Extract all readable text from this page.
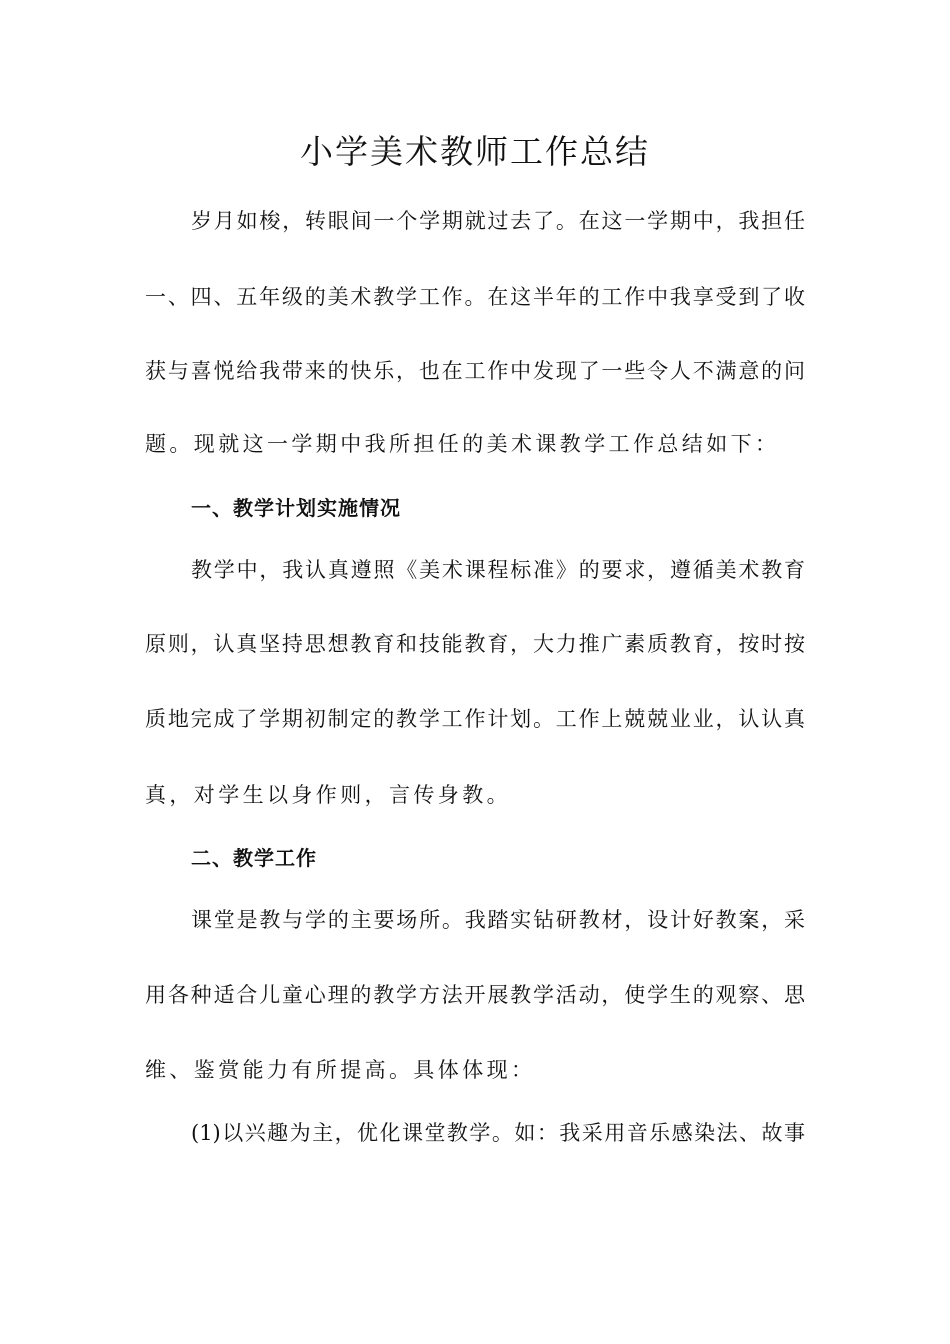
小学美术教师工作总结
岁月如梭，转眼间一个学期就过去了。在这一学期中，我担任
一、四、五年级的美术教学工作。在这半年的工作中我享受到了收
获与喜悦给我带来的快乐，也在工作中发现了一些令人不满意的问
题。现就这一学期中我所担任的美术课教学工作总结如下：
一、教学计划实施情况
教学中，我认真遵照《美术课程标准》的要求，遵循美术教育
原则，认真坚持思想教育和技能教育，大力推广素质教育，按时按
质地完成了学期初制定的教学工作计划。工作上兢兢业业，认认真
真，对学生以身作则，言传身教。
二、教学工作
课堂是教与学的主要场所。我踏实钻研教材，设计好教案，采
用各种适合儿童心理的教学方法开展教学活动，使学生的观察、思
维、鉴赏能力有所提高。具体体现：
(1)以兴趣为主，优化课堂教学。如：我采用音乐感染法、故事
